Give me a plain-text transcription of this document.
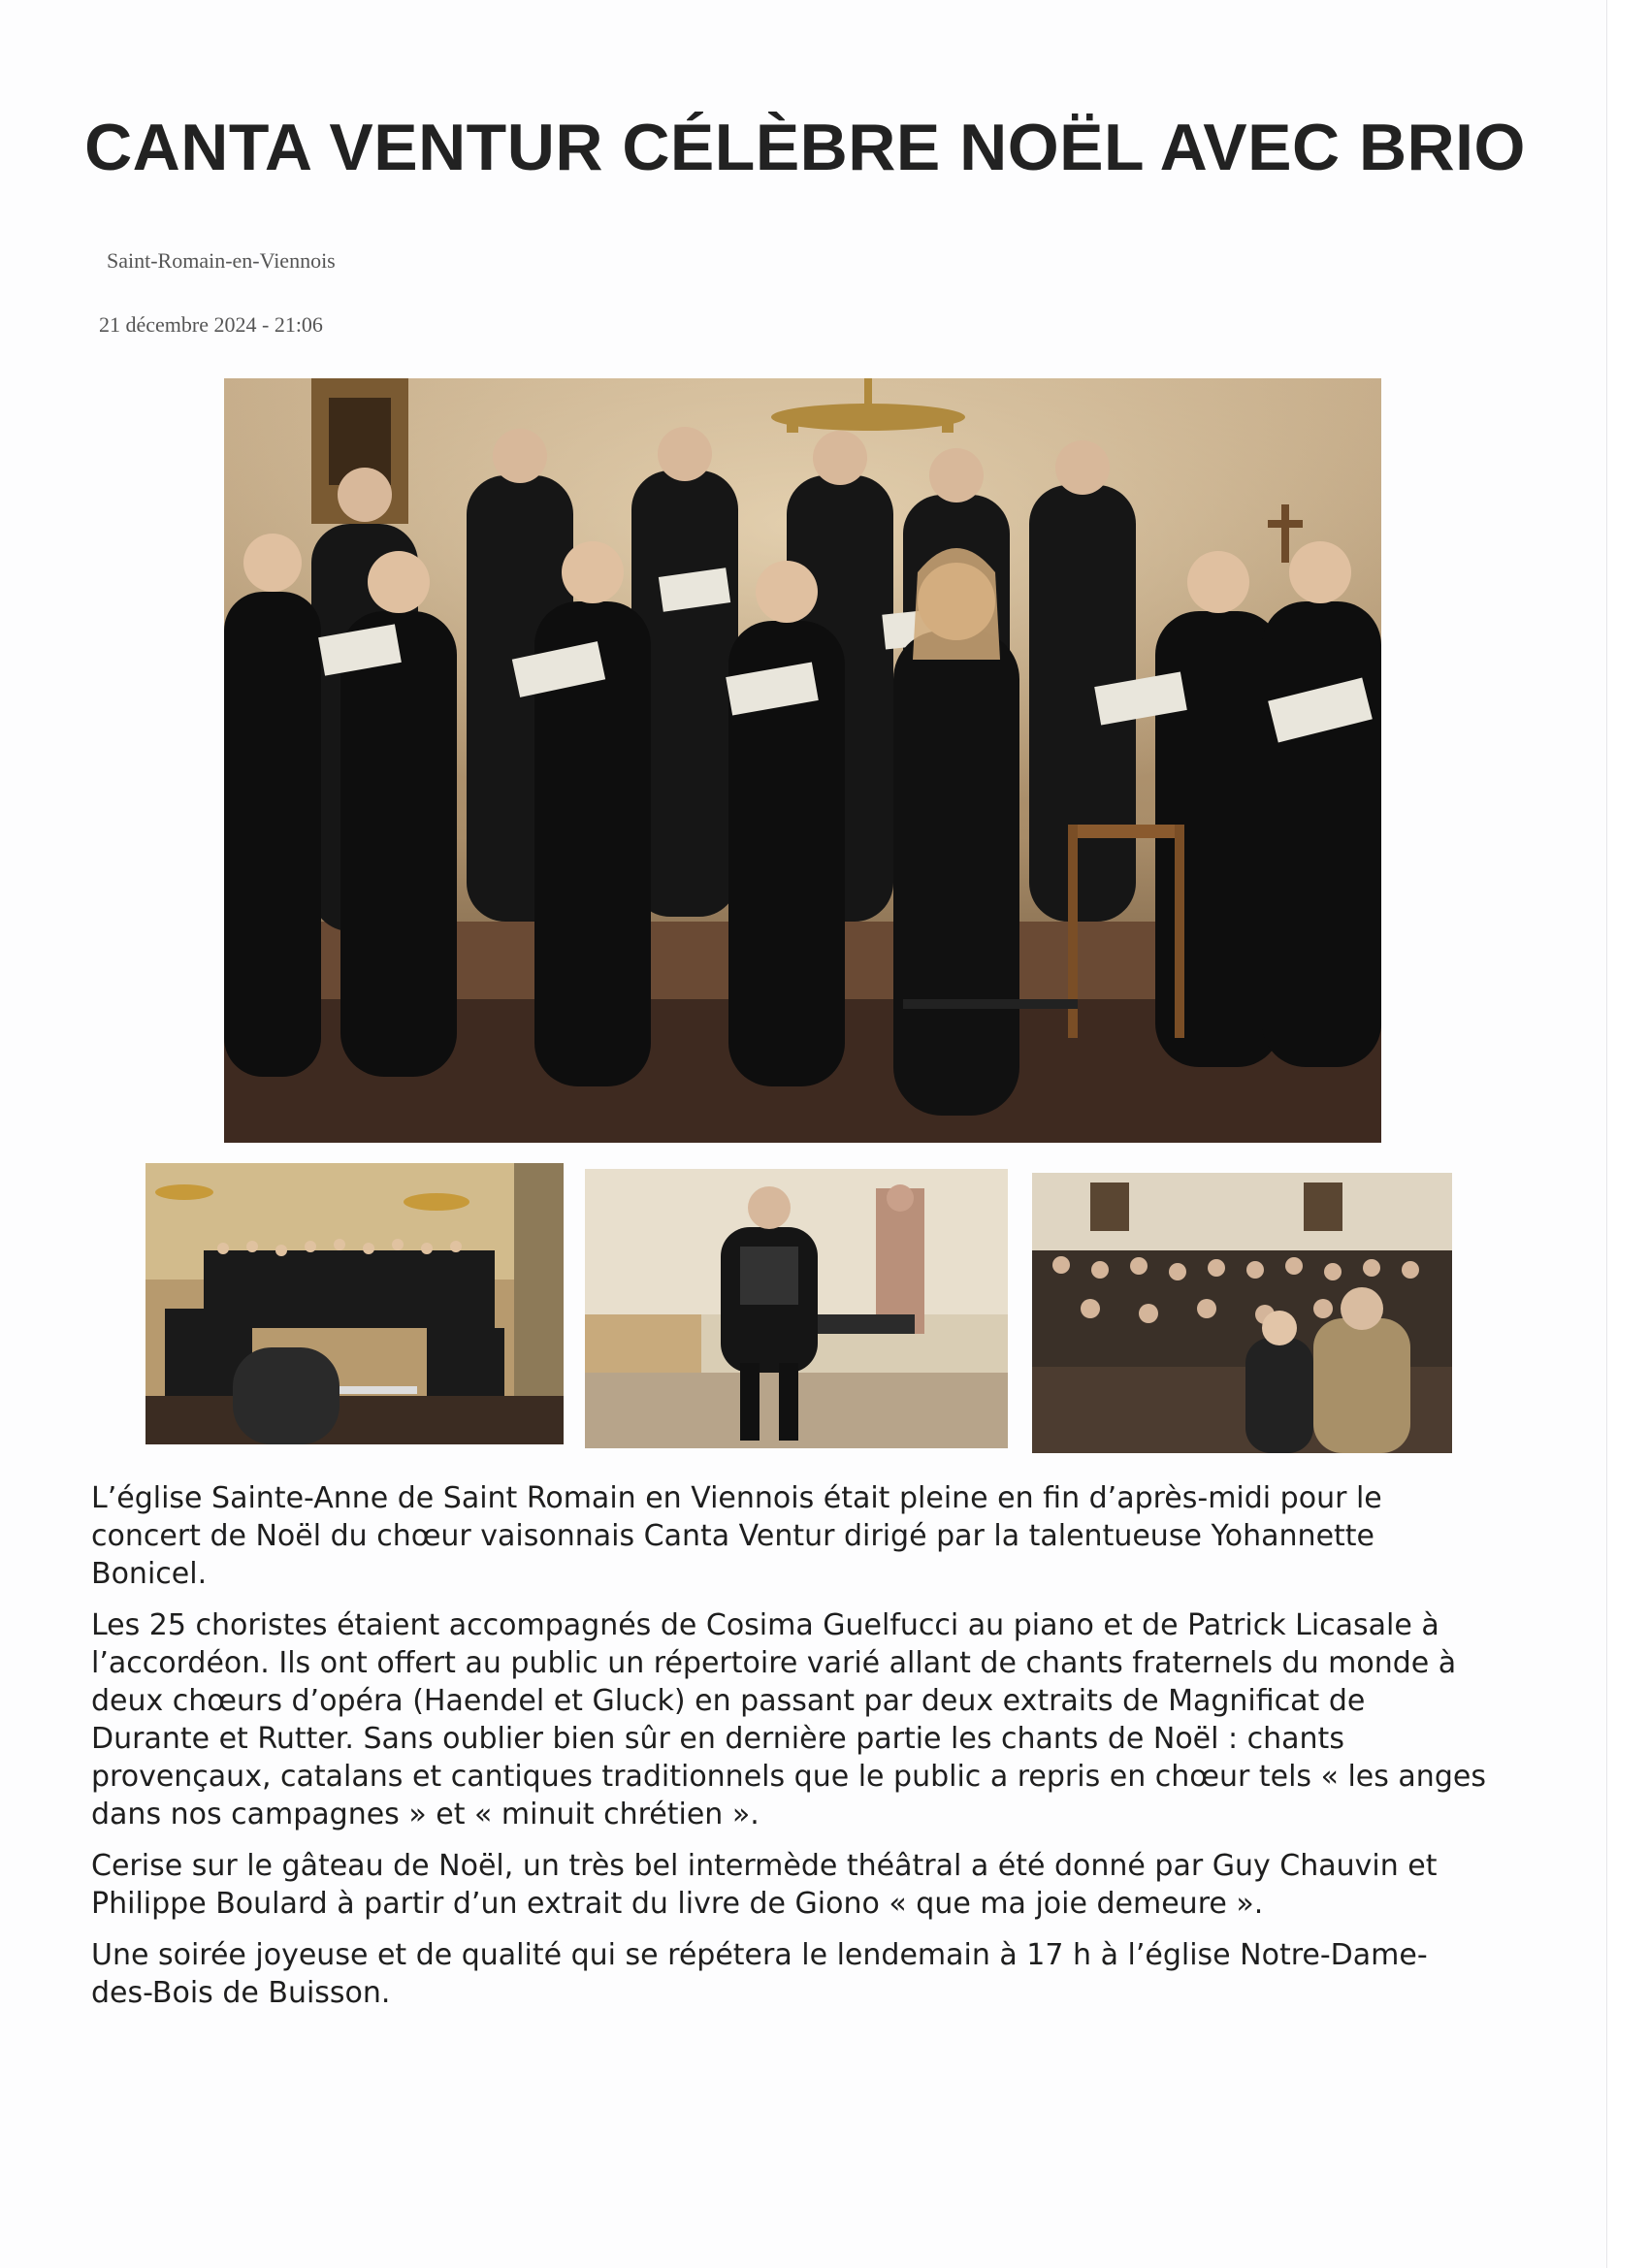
CANTA VENTUR CÉLÈBRE NOËL AVEC BRIO
Saint-Romain-en-Viennois
21 décembre 2024 - 21:06

L’église Sainte-Anne de Saint Romain en Viennois était pleine en fin d’après-midi pour le concert de Noël du chœur vaisonnais Canta Ventur dirigé par la talentueuse Yohannette Bonicel.

Les 25 choristes étaient accompagnés de Cosima Guelfucci au piano et de Patrick Licasale à l’accordéon. Ils ont offert au public un répertoire varié allant de chants fraternels du monde à deux chœurs d’opéra (Haendel et Gluck) en passant par deux extraits de Magnificat de Durante et Rutter. Sans oublier bien sûr en dernière partie les chants de Noël : chants provençaux, catalans et cantiques traditionnels que le public a repris en chœur tels « les anges dans nos campagnes » et « minuit chrétien ».

Cerise sur le gâteau de Noël, un très bel intermède théâtral a été donné par Guy Chauvin et Philippe Boulard à partir d’un extrait du livre de Giono « que ma joie demeure ».

Une soirée joyeuse et de qualité qui se répétera le lendemain à 17 h à l’église Notre-Dame-des-Bois de Buisson.
